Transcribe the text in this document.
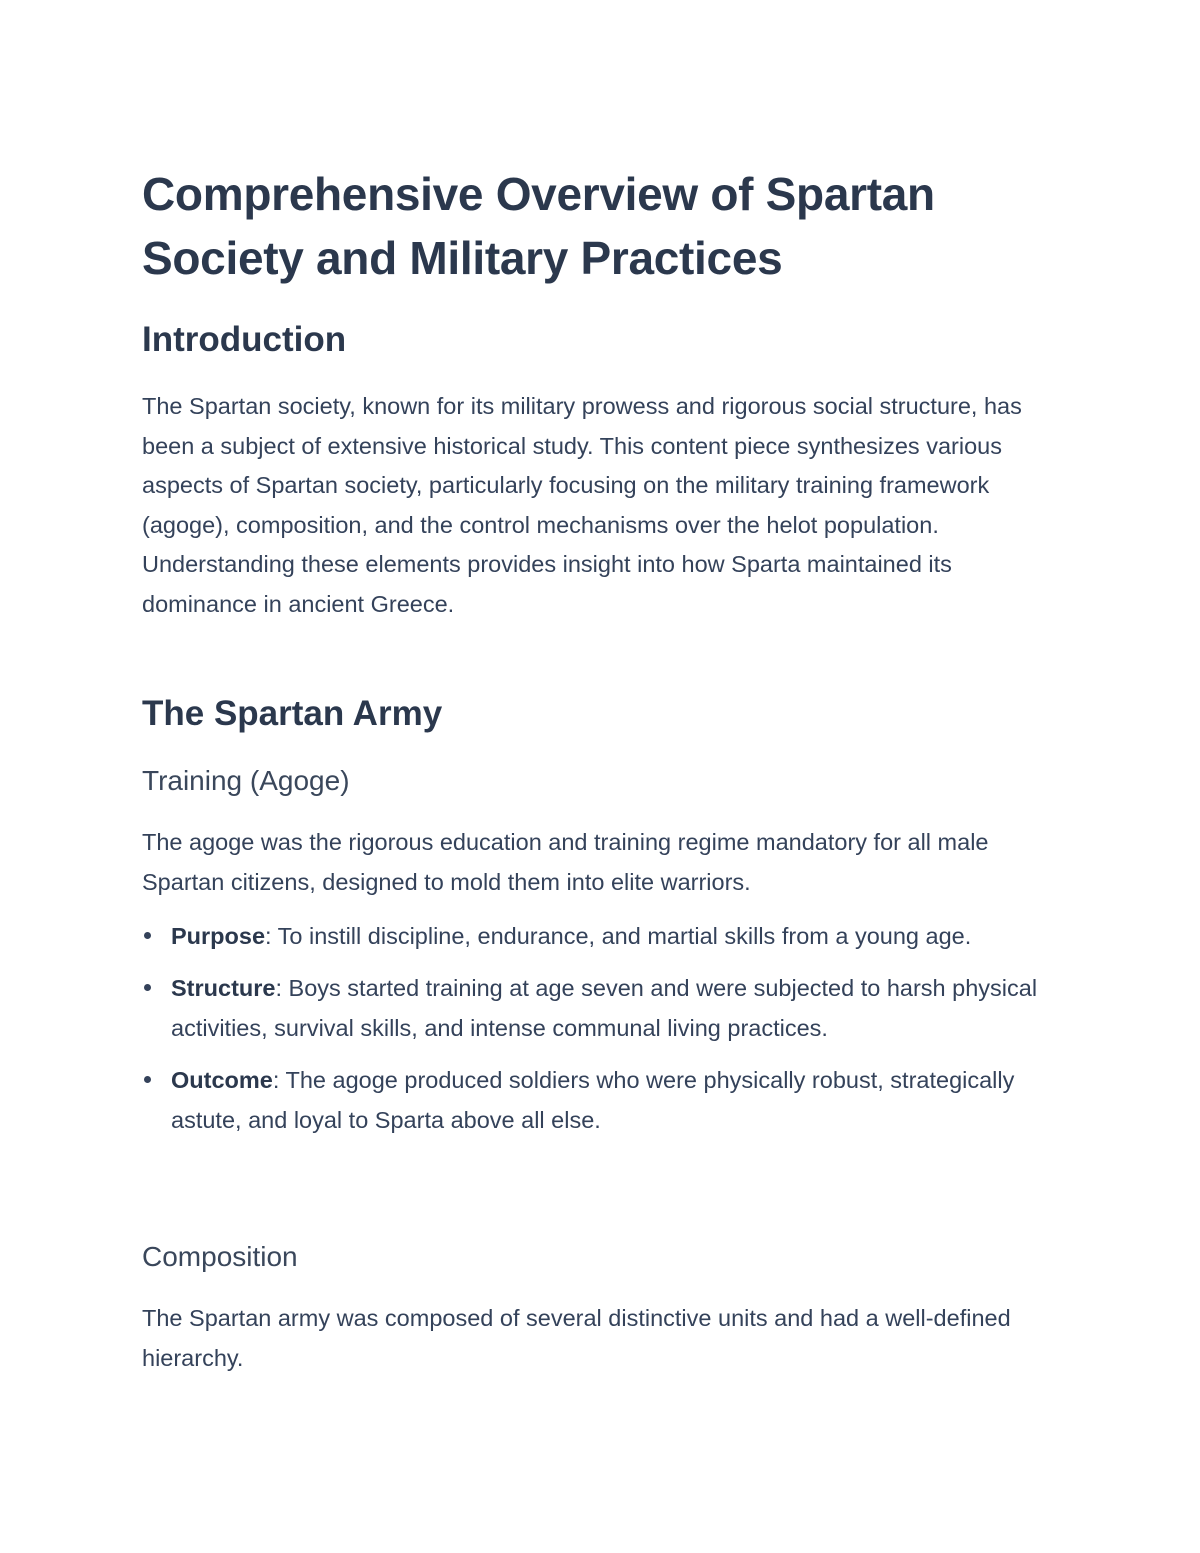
Comprehensive Overview of Spartan Society and Military Practices
Introduction

The Spartan society, known for its military prowess and rigorous social structure, has been a subject of extensive historical study. This content piece synthesizes various aspects of Spartan society, particularly focusing on the military training framework (agoge), composition, and the control mechanisms over the helot population. Understanding these elements provides insight into how Sparta maintained its dominance in ancient Greece.

The Spartan Army
Training (Agoge)

The agoge was the rigorous education and training regime mandatory for all male Spartan citizens, designed to mold them into elite warriors.

Purpose: To instill discipline, endurance, and martial skills from a young age.
Structure: Boys started training at age seven and were subjected to harsh physical activities, survival skills, and intense communal living practices.
Outcome: The agoge produced soldiers who were physically robust, strategically astute, and loyal to Sparta above all else.
Composition

The Spartan army was composed of several distinctive units and had a well-defined hierarchy.
